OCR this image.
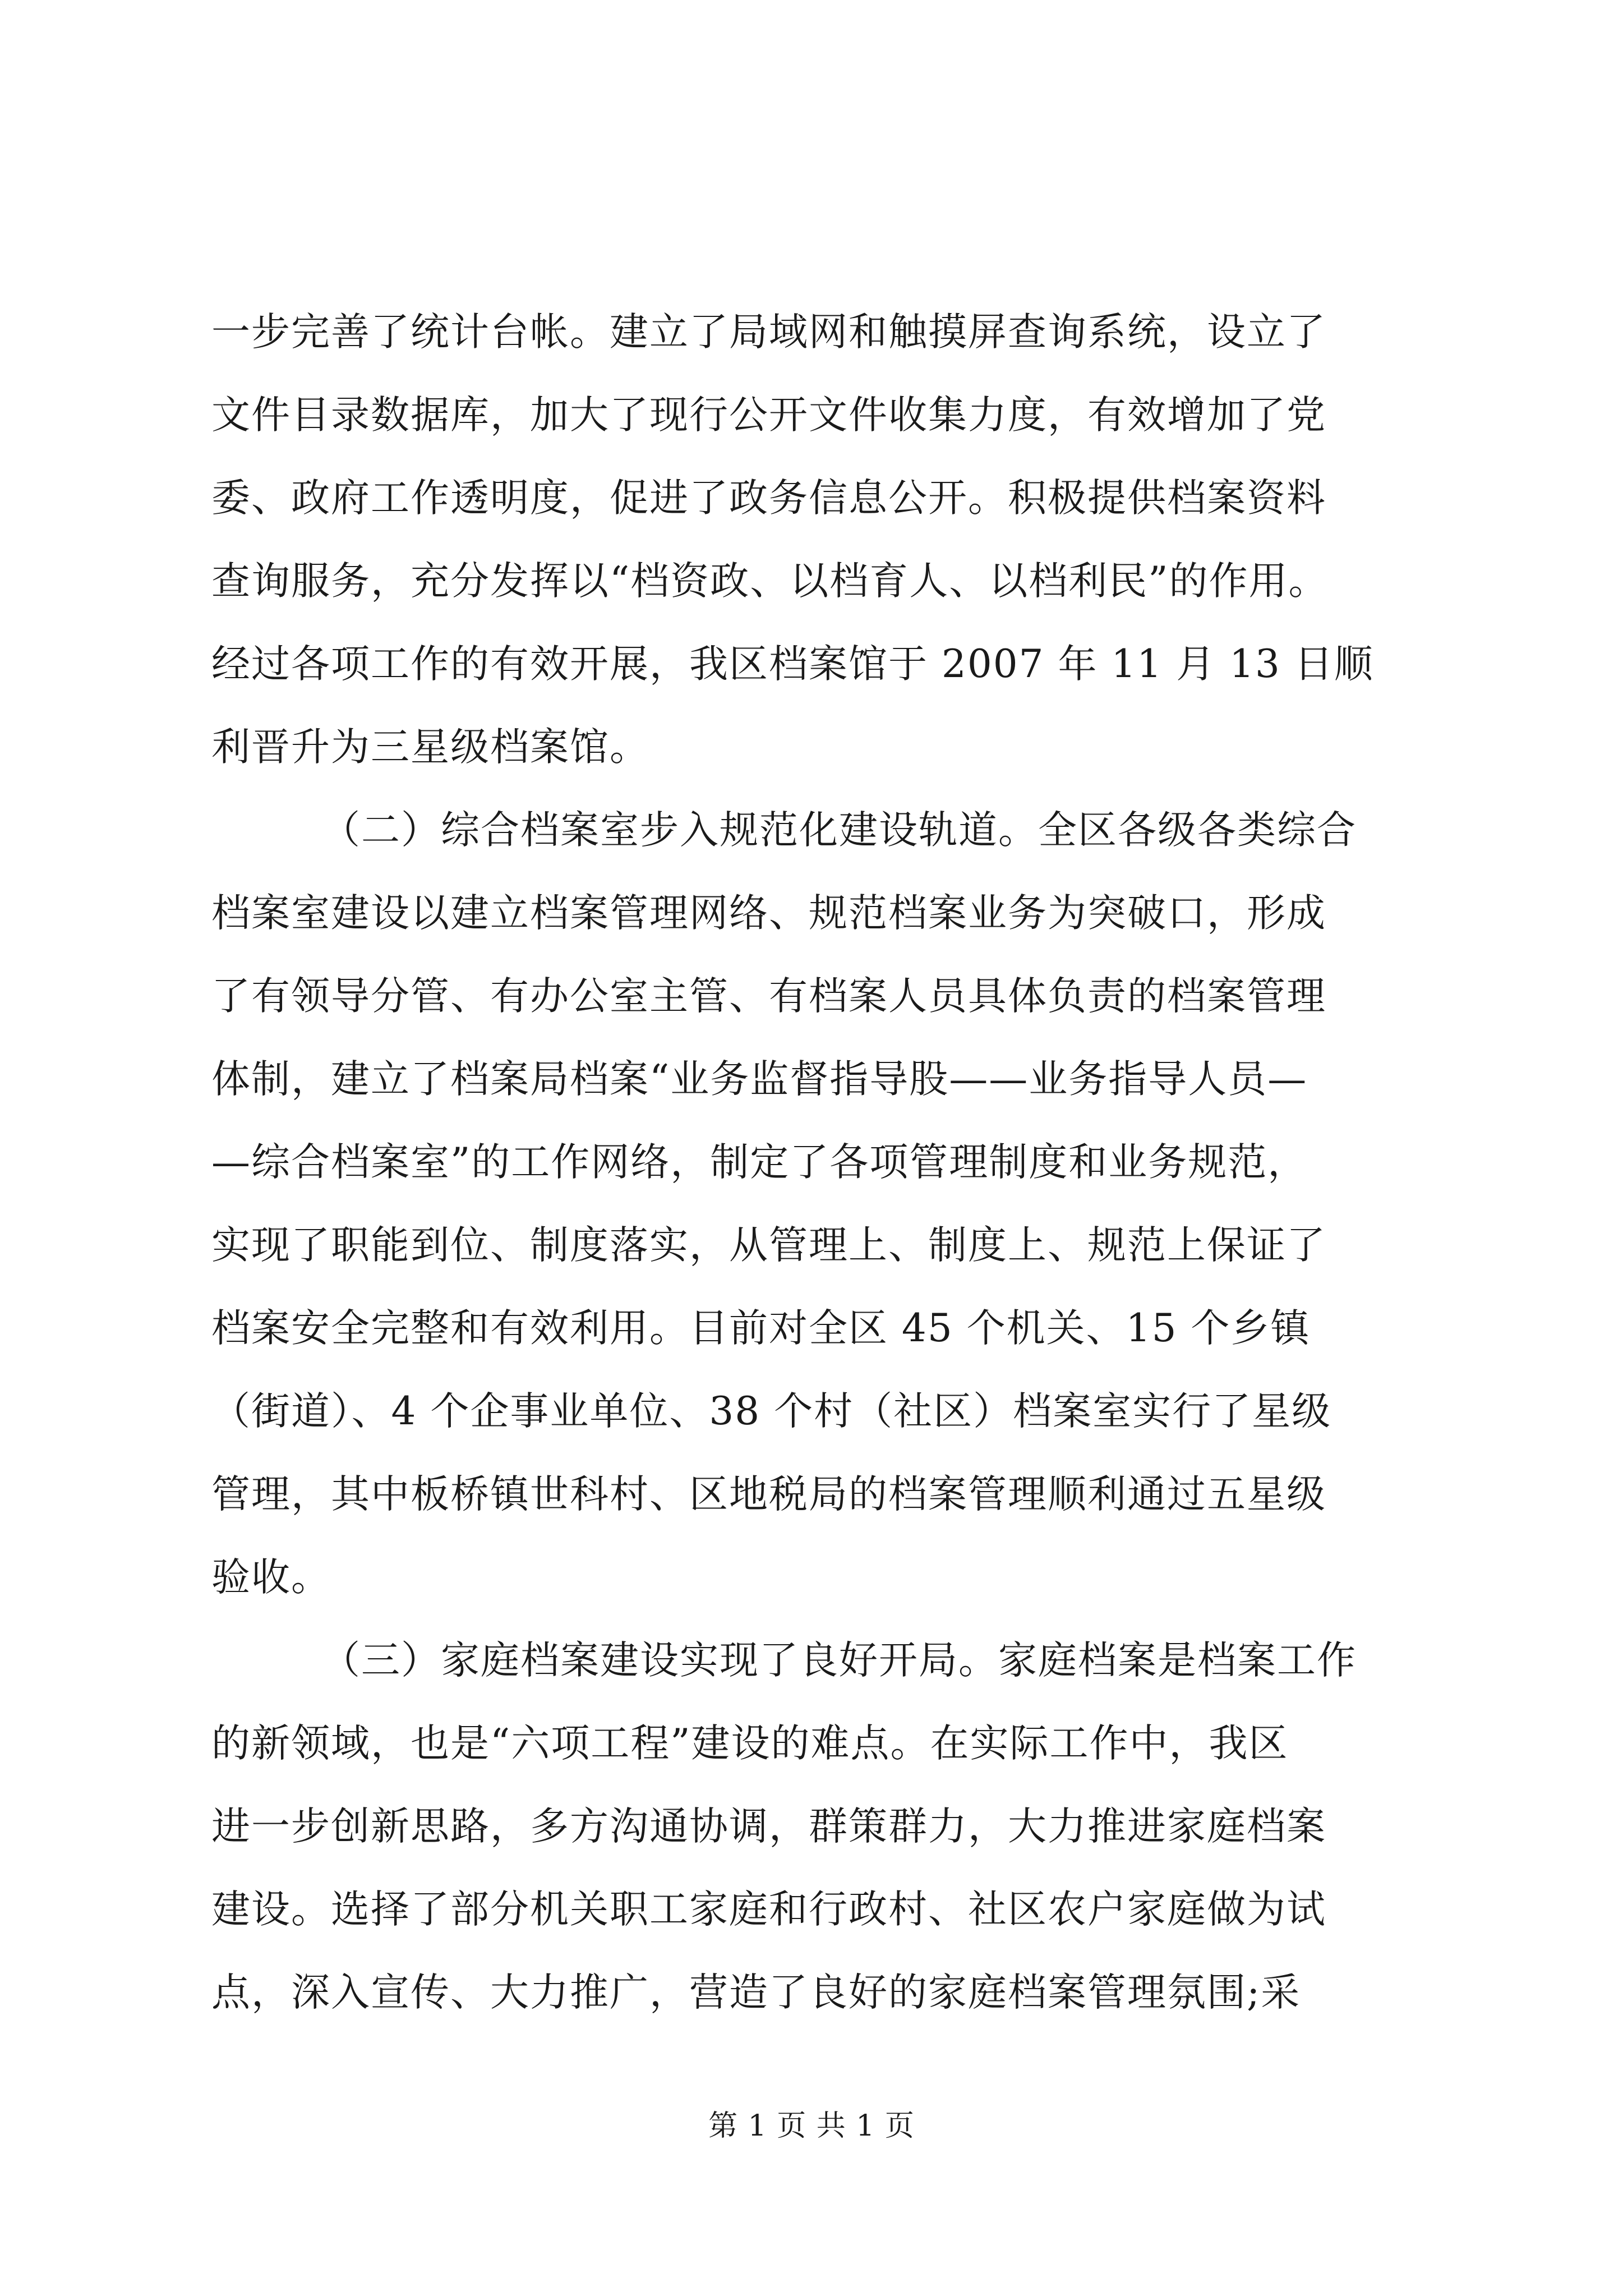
一步完善了统计台帐。建立了局域网和触摸屏查询系统，设立了
文件目录数据库，加大了现行公开文件收集力度，有效增加了党
委、政府工作透明度，促进了政务信息公开。积极提供档案资料
查询服务，充分发挥以“档资政、以档育人、以档利民”的作用。
经过各项工作的有效开展，我区档案馆于 2007 年 11 月 13 日顺
利晋升为三星级档案馆。
（二）综合档案室步入规范化建设轨道。全区各级各类综合
档案室建设以建立档案管理网络、规范档案业务为突破口，形成
了有领导分管、有办公室主管、有档案人员具体负责的档案管理
体制，建立了档案局档案“业务监督指导股——业务指导人员—
—综合档案室”的工作网络，制定了各项管理制度和业务规范，
实现了职能到位、制度落实，从管理上、制度上、规范上保证了
档案安全完整和有效利用。目前对全区 45 个机关、15 个乡镇
（街道）、4 个企事业单位、38 个村（社区）档案室实行了星级
管理，其中板桥镇世科村、区地税局的档案管理顺利通过五星级
验收。
（三）家庭档案建设实现了良好开局。家庭档案是档案工作
的新领域，也是“六项工程”建设的难点。在实际工作中，我区
进一步创新思路，多方沟通协调，群策群力，大力推进家庭档案
建设。选择了部分机关职工家庭和行政村、社区农户家庭做为试
点，深入宣传、大力推广，营造了良好的家庭档案管理氛围;采
第 1 页 共 1 页
